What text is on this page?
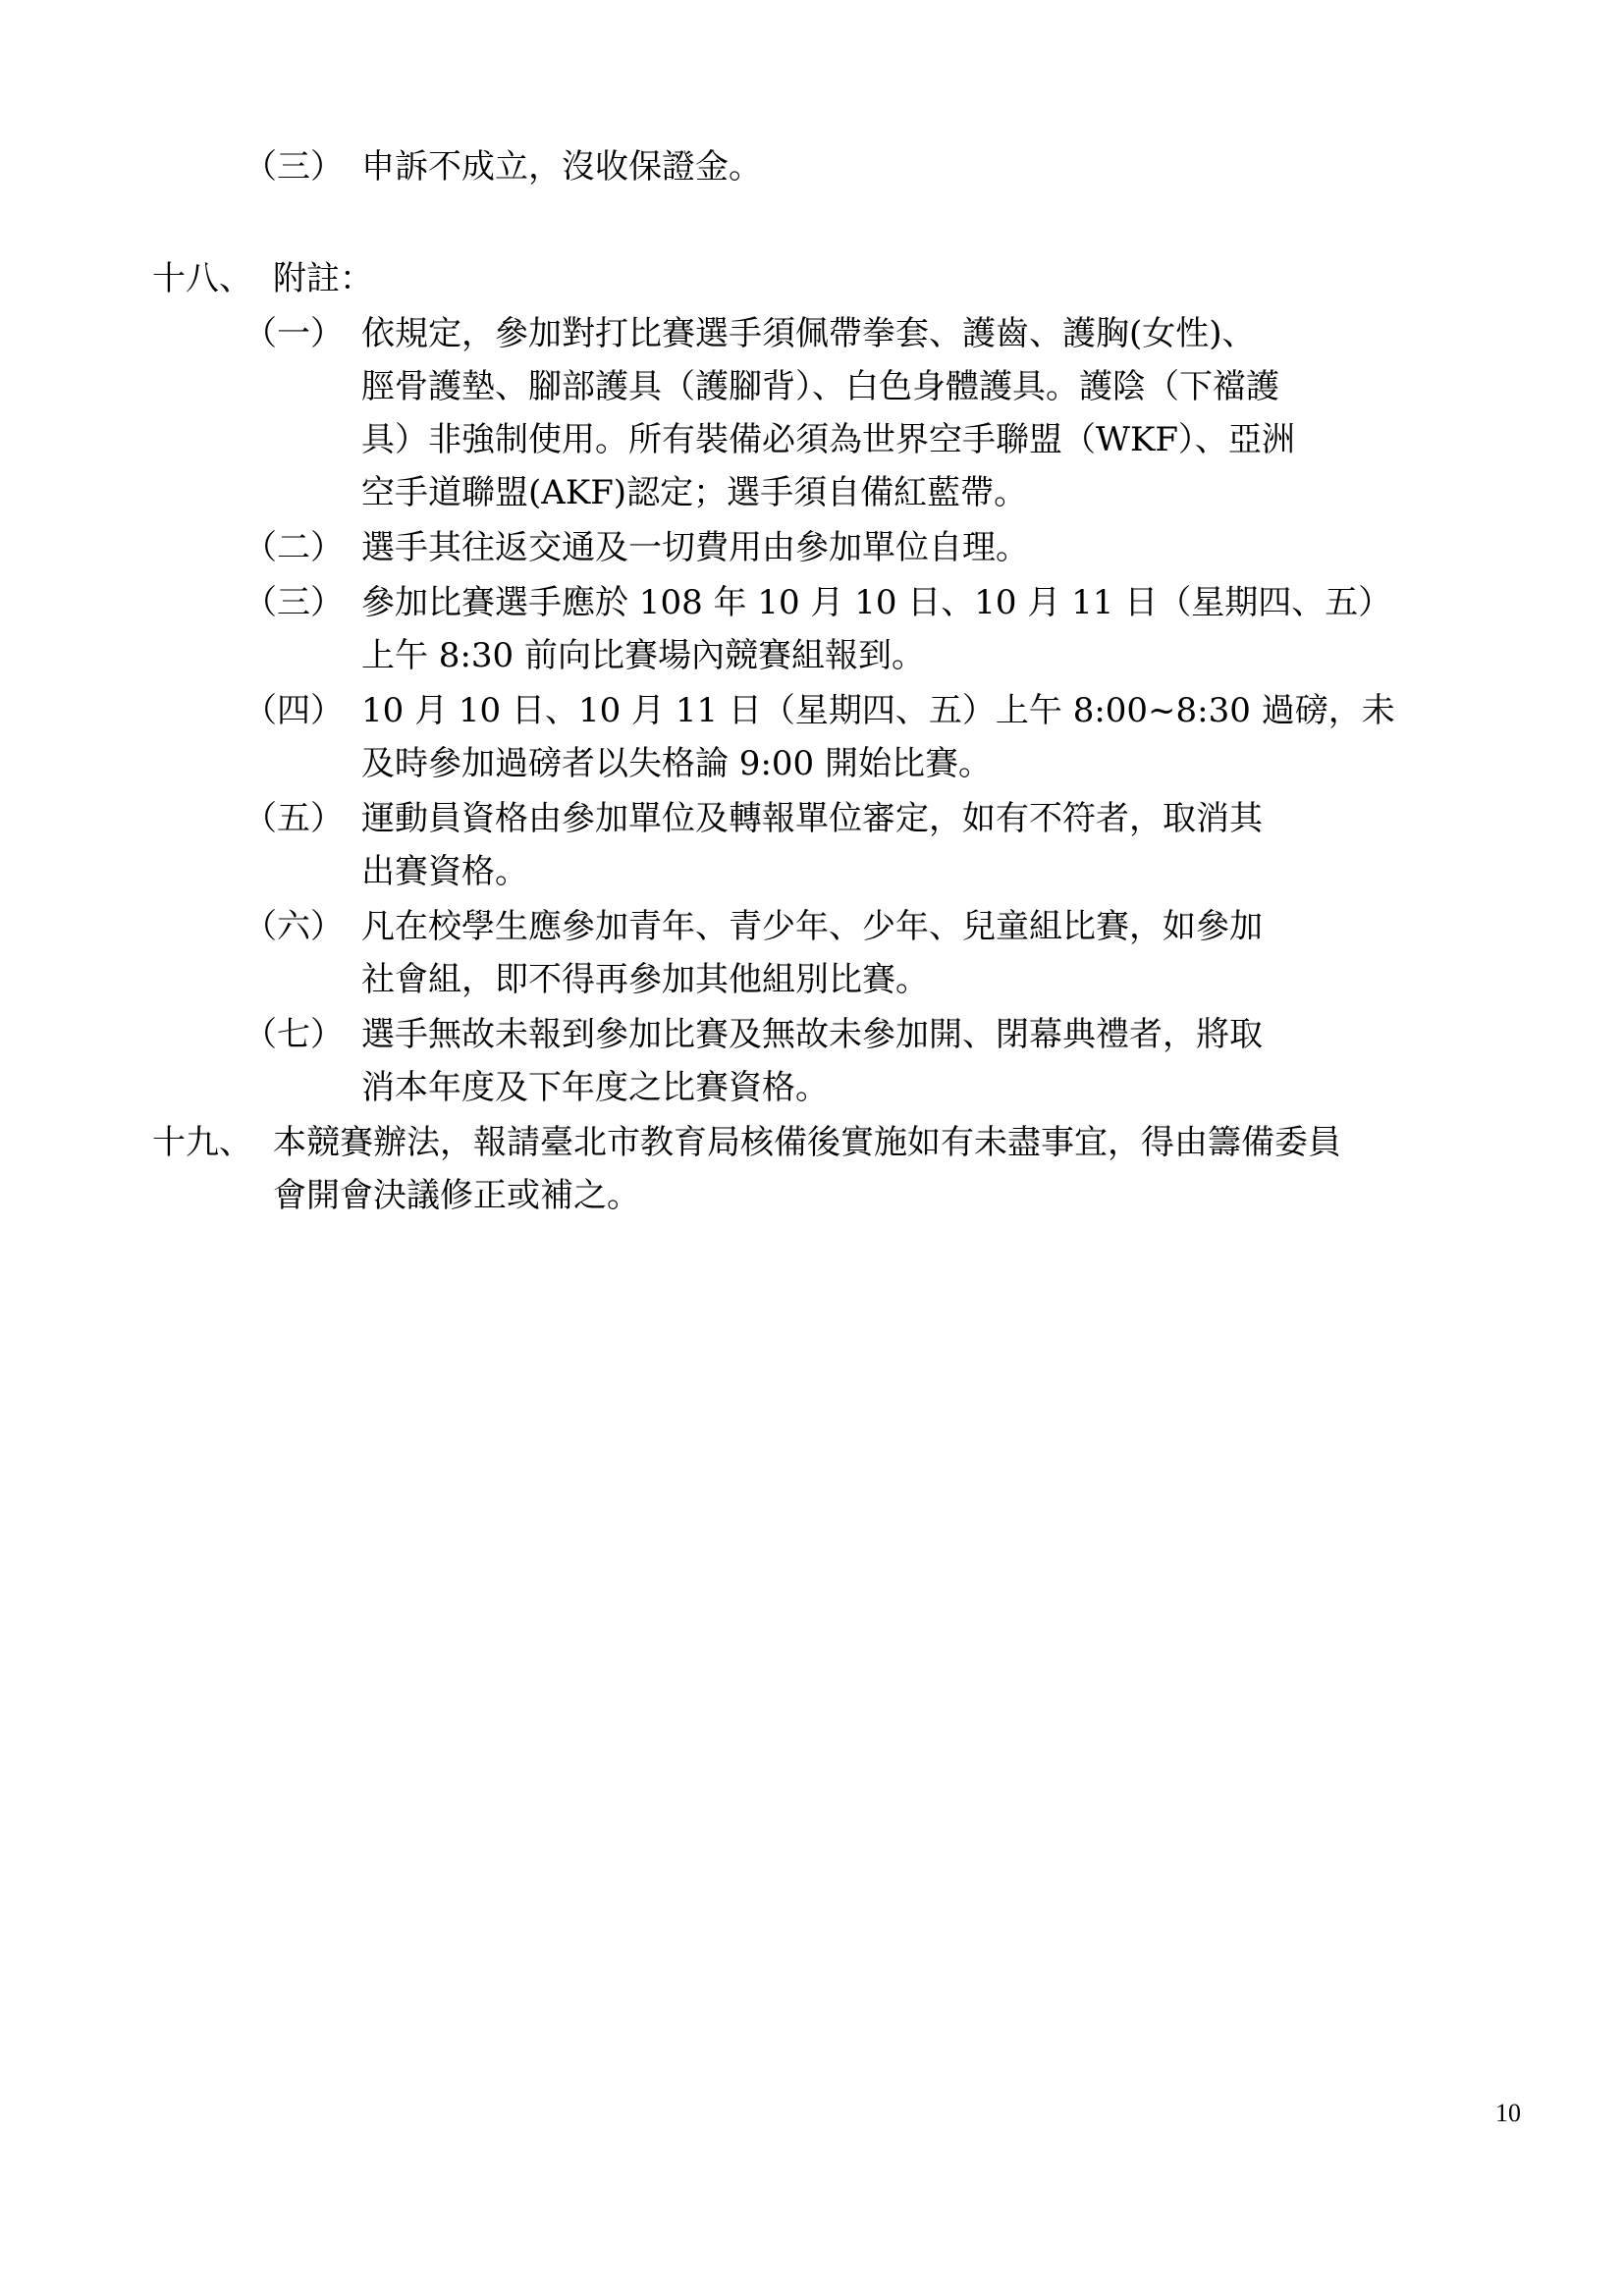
（三） 申訴不成立，沒收保證金。
十八、 附註：
（一） 依規定，參加對打比賽選手須佩帶拳套、護齒、護胸(女性)、
脛骨護墊、腳部護具（護腳背）、白色身體護具。護陰（下襠護
具）非強制使用。所有裝備必須為世界空手聯盟（WKF）、亞洲
空手道聯盟(AKF)認定；選手須自備紅藍帶。
（二） 選手其往返交通及一切費用由參加單位自理。
（三） 參加比賽選手應於 108 年 10 月 10 日、10 月 11 日（星期四、五）
上午 8:30 前向比賽場內競賽組報到。
（四） 10 月 10 日、10 月 11 日（星期四、五）上午 8:00~8:30 過磅，未
及時參加過磅者以失格論 9:00 開始比賽。
（五） 運動員資格由參加單位及轉報單位審定，如有不符者，取消其
出賽資格。
（六） 凡在校學生應參加青年、青少年、少年、兒童組比賽，如參加
社會組，即不得再參加其他組別比賽。
（七） 選手無故未報到參加比賽及無故未參加開、閉幕典禮者，將取
消本年度及下年度之比賽資格。
十九、 本競賽辦法，報請臺北市教育局核備後實施如有未盡事宜，得由籌備委員
會開會決議修正或補之。
10
